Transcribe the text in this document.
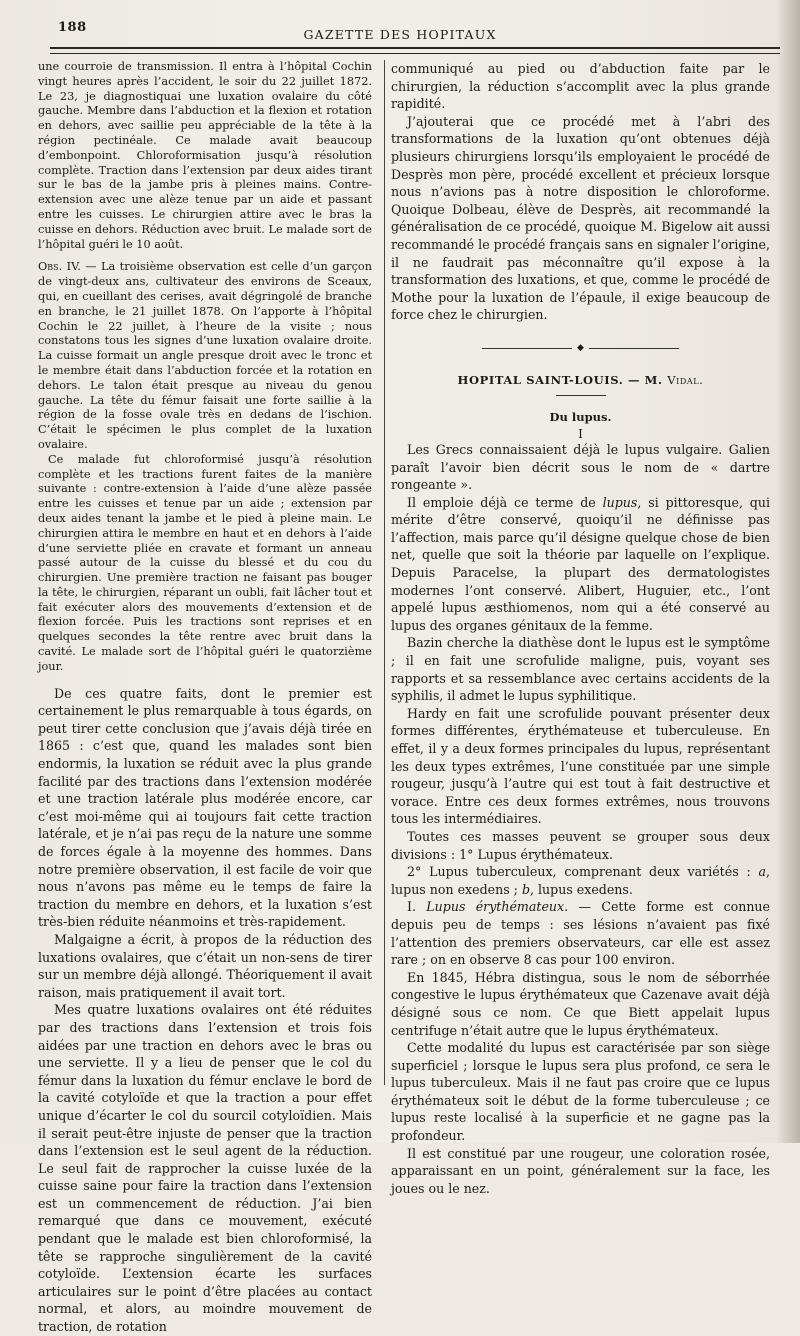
188	GAZETTE DES HOPITAUX

une courroie de transmission. Il entra à l’hôpital Cochin vingt heures après l’accident, le soir du 22 juillet 1872. Le 23, je diagnostiquai une luxation ovalaire du côté gauche. Membre dans l’abduction et la flexion et rotation en dehors, avec saillie peu appréciable de la tête à la région pectinéale. Ce malade avait beaucoup d’embonpoint. Chloroformisation jusqu’à résolution complète. Traction dans l’extension par deux aides tirant sur le bas de la jambe pris à pleines mains. Contre-extension avec une alèze tenue par un aide et passant entre les cuisses. Le chirurgien attire avec le bras la cuisse en dehors. Réduction avec bruit. Le malade sort de l’hôpital guéri le 10 août.

Obs. IV. — La troisième observation est celle d’un garçon de vingt-deux ans, cultivateur des environs de Sceaux, qui, en cueillant des cerises, avait dégringolé de branche en branche, le 21 juillet 1878. On l’apporte à l’hôpital Cochin le 22 juillet, à l’heure de la visite ; nous constatons tous les signes d’une luxation ovalaire droite. La cuisse formait un angle presque droit avec le tronc et le membre était dans l’abduction forcée et la rotation en dehors. Le talon était presque au niveau du genou gauche. La tête du fémur faisait une forte saillie à la région de la fosse ovale très en dedans de l’ischion. C’était le spécimen le plus complet de la luxation ovalaire.

Ce malade fut chloroformisé jusqu’à résolution complète et les tractions furent faites de la manière suivante : contre-extension à l’aide d’une alèze passée entre les cuisses et tenue par un aide ; extension par deux aides tenant la jambe et le pied à pleine main. Le chirurgien attira le membre en haut et en dehors à l’aide d’une serviette pliée en cravate et formant un anneau passé autour de la cuisse du blessé et du cou du chirurgien. Une première traction ne faisant pas bouger la tête, le chirurgien, réparant un oubli, fait lâcher tout et fait exécuter alors des mouvements d’extension et de flexion forcée. Puis les tractions sont reprises et en quelques secondes la tête rentre avec bruit dans la cavité. Le malade sort de l’hôpital guéri le quatorzième jour.

De ces quatre faits, dont le premier est certainement le plus remarquable à tous égards, on peut tirer cette conclusion que j’avais déjà tirée en 1865 : c’est que, quand les malades sont bien endormis, la luxation se réduit avec la plus grande facilité par des tractions dans l’extension modérée et une traction latérale plus modérée encore, car c’est moi-même qui ai toujours fait cette traction latérale, et je n’ai pas reçu de la nature une somme de forces égale à la moyenne des hommes. Dans notre première observation, il est facile de voir que nous n’avons pas même eu le temps de faire la traction du membre en dehors, et la luxation s’est très-bien réduite néanmoins et très-rapidement.

Malgaigne a écrit, à propos de la réduction des luxations ovalaires, que c’était un non-sens de tirer sur un membre déjà allongé. Théoriquement il avait raison, mais pratiquement il avait tort.

Mes quatre luxations ovalaires ont été réduites par des tractions dans l’extension et trois fois aidées par une traction en dehors avec le bras ou une serviette. Il y a lieu de penser que le col du fémur dans la luxation du fémur enclave le bord de la cavité cotyloïde et que la traction a pour effet unique d’écarter le col du sourcil cotyloïdien. Mais il serait peut-être injuste de penser que la traction dans l’extension est le seul agent de la réduction. Le seul fait de rapprocher la cuisse luxée de la cuisse saine pour faire la traction dans l’extension est un commencement de réduction. J’ai bien remarqué que dans ce mouvement, exécuté pendant que le malade est bien chloroformisé, la tête se rapproche singulièrement de la cavité cotyloïde. L’extension écarte les surfaces articulaires sur le point d’être placées au contact normal, et alors, au moindre mouvement de traction, de rotation

communiqué au pied ou d’abduction faite par le chirurgien, la réduction s’accomplit avec la plus grande rapidité.

J’ajouterai que ce procédé met à l’abri des transformations de la luxation qu’ont obtenues déjà plusieurs chirurgiens lorsqu’ils employaient le procédé de Desprès mon père, procédé excellent et précieux lorsque nous n’avions pas à notre disposition le chloroforme. Quoique Dolbeau, élève de Desprès, ait recommandé la généralisation de ce procédé, quoique M. Bigelow ait aussi recommandé le procédé français sans en signaler l’origine, il ne faudrait pas méconnaître qu’il expose à la transformation des luxations, et que, comme le procédé de Mothe pour la luxation de l’épaule, il exige beaucoup de force chez le chirurgien.

◆
HOPITAL SAINT-LOUIS. — M. Vidal.
Du lupus.
I

Les Grecs connaissaient déjà le lupus vulgaire. Galien paraît l’avoir bien décrit sous le nom de « dartre rongeante ».

Il emploie déjà ce terme de lupus, si pittoresque, qui mérite d’être conservé, quoiqu’il ne définisse pas l’affection, mais parce qu’il désigne quelque chose de bien net, quelle que soit la théorie par laquelle on l’explique. Depuis Paracelse, la plupart des dermatologistes modernes l’ont conservé. Alibert, Huguier, etc., l’ont appelé lupus æsthiomenos, nom qui a été conservé au lupus des organes génitaux de la femme.

Bazin cherche la diathèse dont le lupus est le symptôme ; il en fait une scrofulide maligne, puis, voyant ses rapports et sa ressemblance avec certains accidents de la syphilis, il admet le lupus syphilitique.

Hardy en fait une scrofulide pouvant présenter deux formes différentes, érythémateuse et tuberculeuse. En effet, il y a deux formes principales du lupus, représentant les deux types extrêmes, l’une constituée par une simple rougeur, jusqu’à l’autre qui est tout à fait destructive et vorace. Entre ces deux formes extrêmes, nous trouvons tous les intermédiaires.

Toutes ces masses peuvent se grouper sous deux divisions : 1° Lupus érythémateux.

2° Lupus tuberculeux, comprenant deux variétés : a, lupus non exedens ; b, lupus exedens.

I. Lupus érythémateux. — Cette forme est connue depuis peu de temps : ses lésions n’avaient pas fixé l’attention des premiers observateurs, car elle est assez rare ; on en observe 8 cas pour 100 environ.

En 1845, Hébra distingua, sous le nom de séborrhée congestive le lupus érythémateux que Cazenave avait déjà désigné sous ce nom. Ce que Biett appelait lupus centrifuge n’était autre que le lupus érythémateux.

Cette modalité du lupus est caractérisée par son siège superficiel ; lorsque le lupus sera plus profond, ce sera le lupus tuberculeux. Mais il ne faut pas croire que ce lupus érythémateux soit le début de la forme tuberculeuse ; ce lupus reste localisé à la superficie et ne gagne pas la profondeur.

Il est constitué par une rougeur, une coloration rosée, apparaissant en un point, généralement sur la face, les joues ou le nez.
